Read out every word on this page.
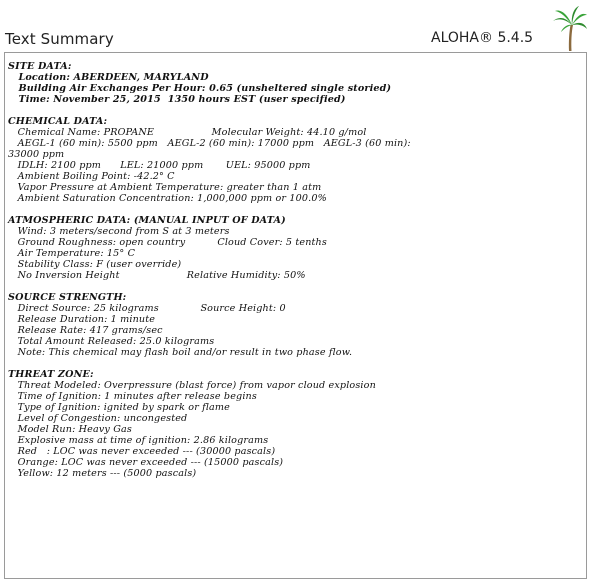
Text Summary	ALOHA® 5.4.5
SITE DATA:
Location: ABERDEEN, MARYLAND
Building Air Exchanges Per Hour: 0.65 (unsheltered single storied)
Time: November 25, 2015  1350 hours EST (user specified)
CHEMICAL DATA:
Chemical Name: PROPANE                  Molecular Weight: 44.10 g/mol
AEGL-1 (60 min): 5500 ppm   AEGL-2 (60 min): 17000 ppm   AEGL-3 (60 min):
33000 ppm
IDLH: 2100 ppm      LEL: 21000 ppm       UEL: 95000 ppm
Ambient Boiling Point: -42.2° C
Vapor Pressure at Ambient Temperature: greater than 1 atm
Ambient Saturation Concentration: 1,000,000 ppm or 100.0%
ATMOSPHERIC DATA: (MANUAL INPUT OF DATA)
Wind: 3 meters/second from S at 3 meters
Ground Roughness: open country          Cloud Cover: 5 tenths
Air Temperature: 15° C
Stability Class: F (user override)
No Inversion Height                     Relative Humidity: 50%
SOURCE STRENGTH:
Direct Source: 25 kilograms             Source Height: 0
Release Duration: 1 minute
Release Rate: 417 grams/sec
Total Amount Released: 25.0 kilograms
Note: This chemical may flash boil and/or result in two phase flow.
THREAT ZONE:
Threat Modeled: Overpressure (blast force) from vapor cloud explosion
Time of Ignition: 1 minutes after release begins
Type of Ignition: ignited by spark or flame
Level of Congestion: uncongested
Model Run: Heavy Gas
Explosive mass at time of ignition: 2.86 kilograms
Red   : LOC was never exceeded --- (30000 pascals)
Orange: LOC was never exceeded --- (15000 pascals)
Yellow: 12 meters --- (5000 pascals)
